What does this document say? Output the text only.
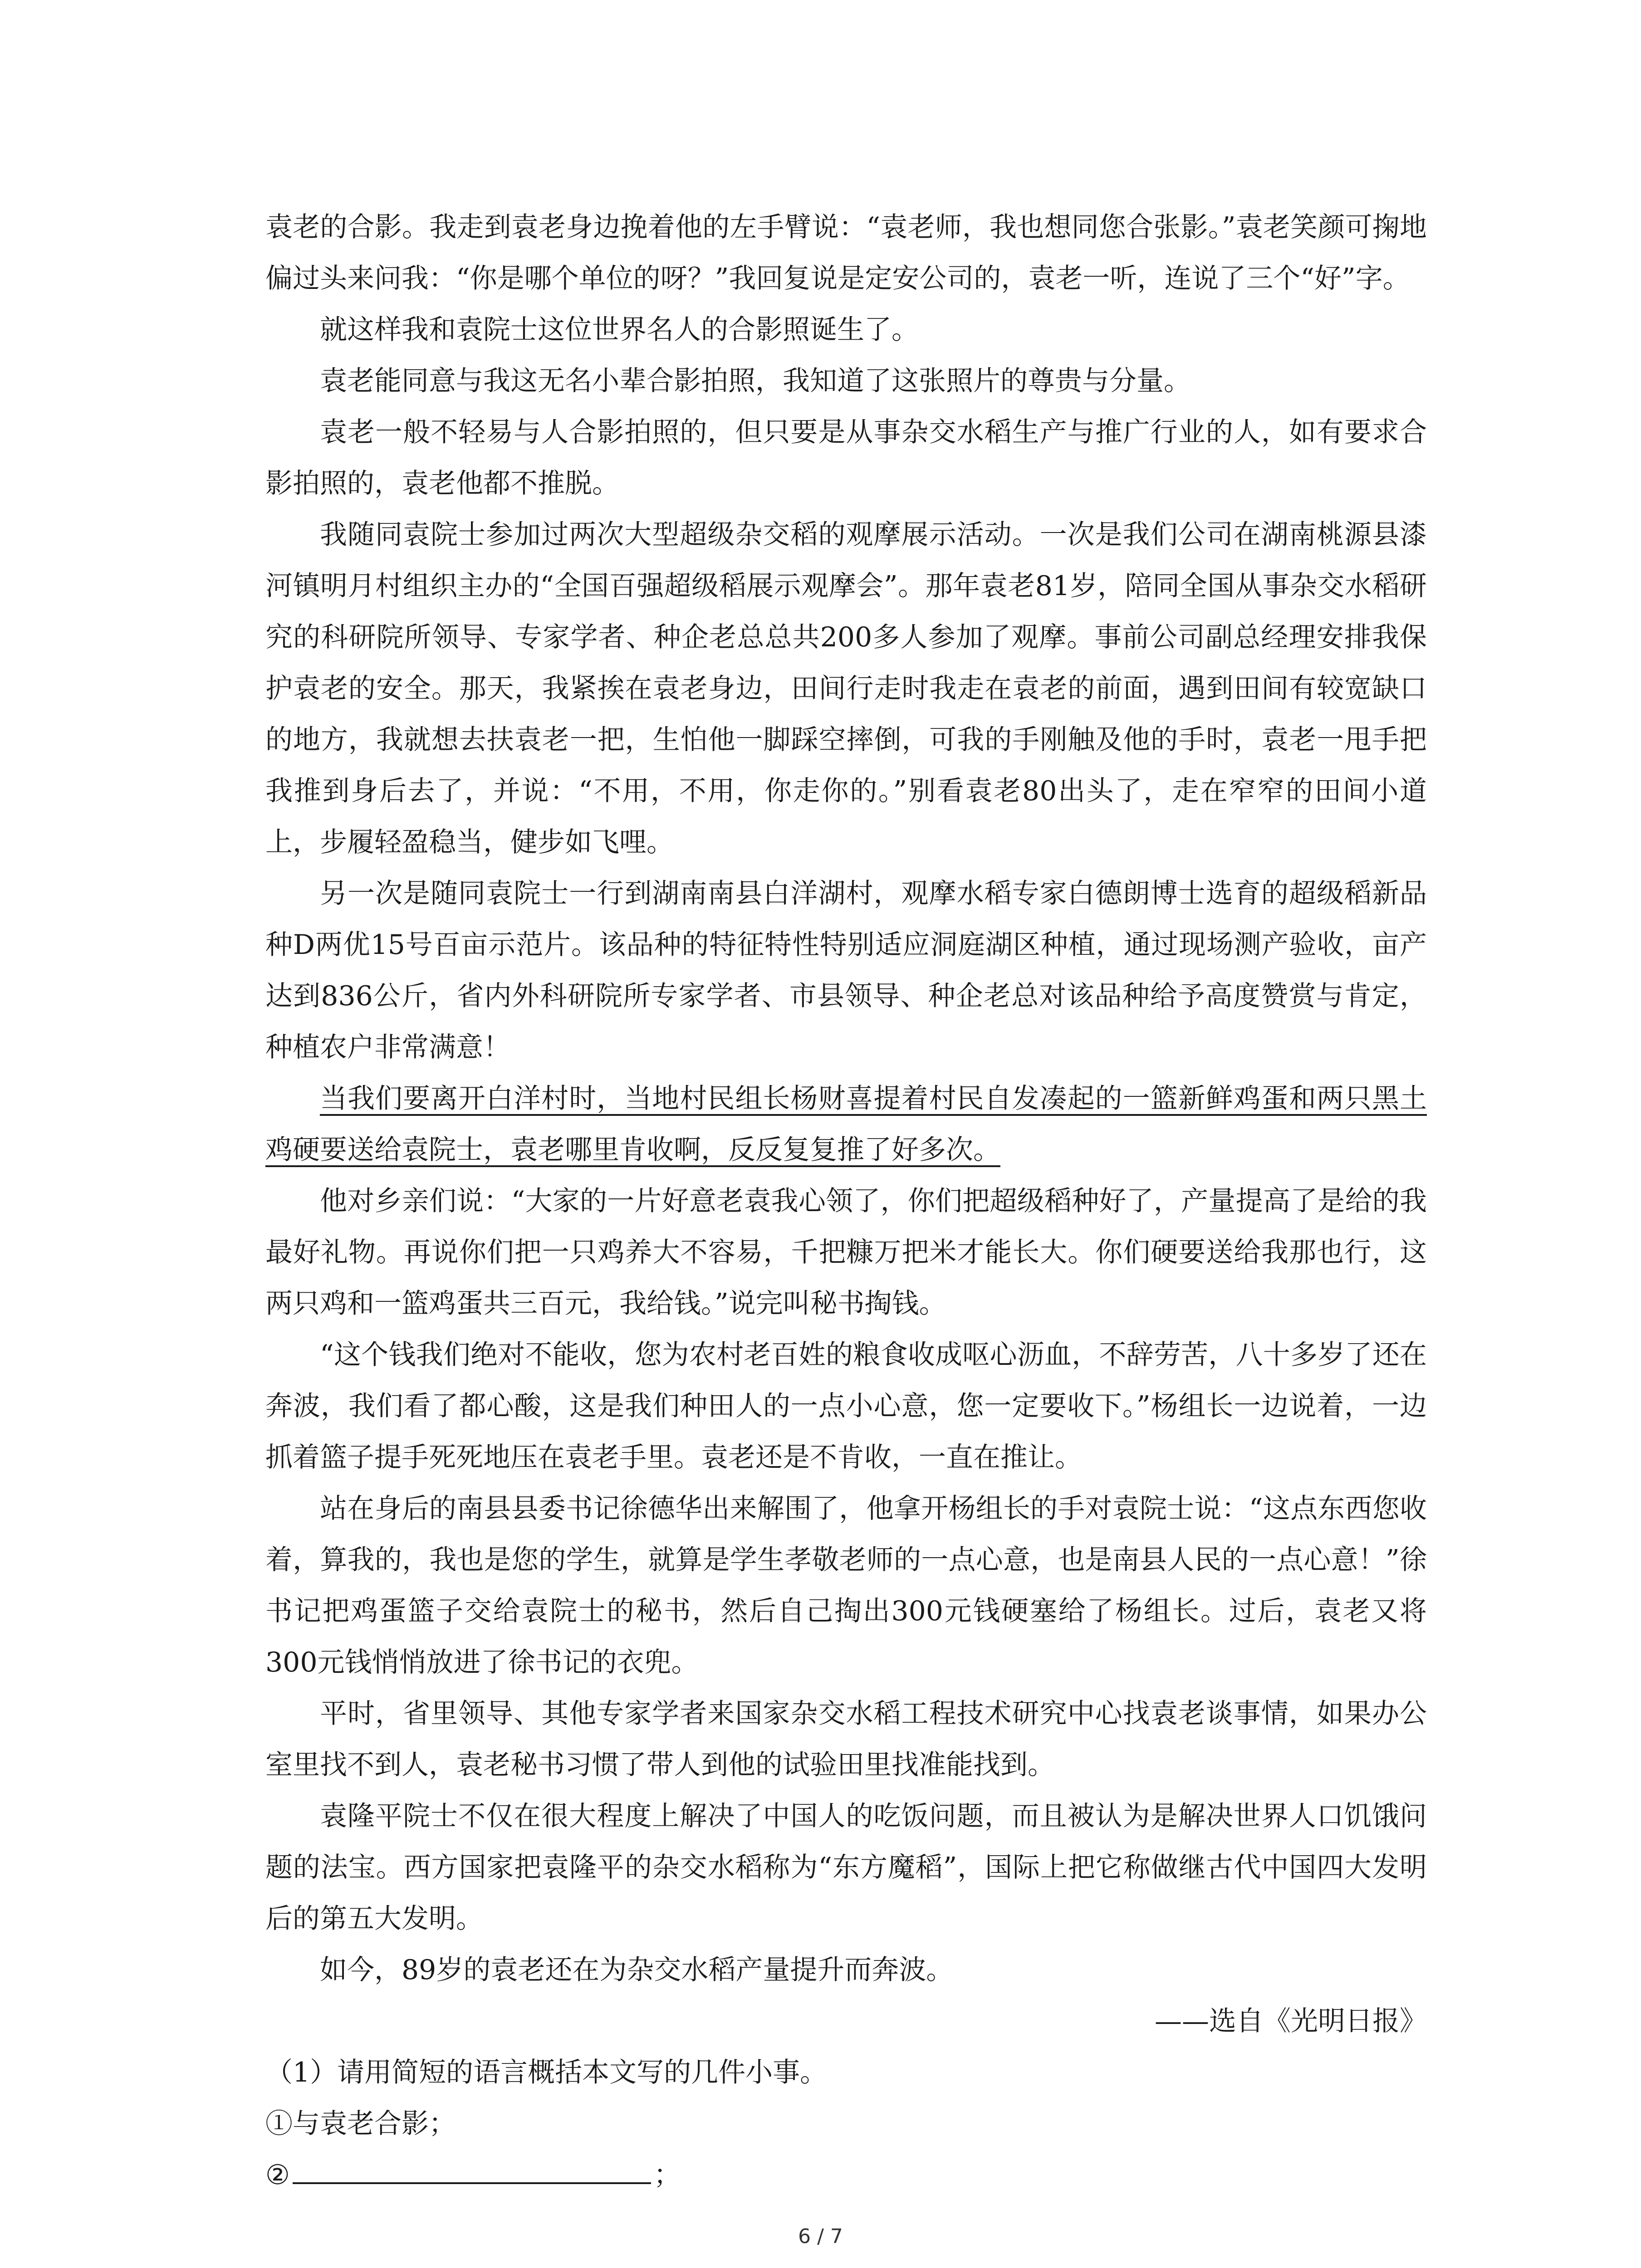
袁老的合影。我走到袁老身边挽着他的左手臂说：“袁老师，我也想同您合张影。”袁老笑颜可掬地偏过头来问我：“你是哪个单位的呀？”我回复说是定安公司的，袁老一听，连说了三个“好”字。

就这样我和袁院士这位世界名人的合影照诞生了。

袁老能同意与我这无名小辈合影拍照，我知道了这张照片的尊贵与分量。

袁老一般不轻易与人合影拍照的，但只要是从事杂交水稻生产与推广行业的人，如有要求合影拍照的，袁老他都不推脱。

我随同袁院士参加过两次大型超级杂交稻的观摩展示活动。一次是我们公司在湖南桃源县漆河镇明月村组织主办的“全国百强超级稻展示观摩会”。那年袁老81岁，陪同全国从事杂交水稻研究的科研院所领导、专家学者、种企老总总共200多人参加了观摩。事前公司副总经理安排我保护袁老的安全。那天，我紧挨在袁老身边，田间行走时我走在袁老的前面，遇到田间有较宽缺口的地方，我就想去扶袁老一把，生怕他一脚踩空摔倒，可我的手刚触及他的手时，袁老一甩手把我推到身后去了，并说：“不用，不用，你走你的。”别看袁老80出头了，走在窄窄的田间小道上，步履轻盈稳当，健步如飞哩。

另一次是随同袁院士一行到湖南南县白洋湖村，观摩水稻专家白德朗博士选育的超级稻新品种D两优15号百亩示范片。该品种的特征特性特别适应洞庭湖区种植，通过现场测产验收，亩产达到836公斤，省内外科研院所专家学者、市县领导、种企老总对该品种给予高度赞赏与肯定，种植农户非常满意！

当我们要离开白洋村时，当地村民组长杨财喜提着村民自发凑起的一篮新鲜鸡蛋和两只黑土鸡硬要送给袁院士，袁老哪里肯收啊，反反复复推了好多次。

他对乡亲们说：“大家的一片好意老袁我心领了，你们把超级稻种好了，产量提高了是给的我最好礼物。再说你们把一只鸡养大不容易，千把糠万把米才能长大。你们硬要送给我那也行，这两只鸡和一篮鸡蛋共三百元，我给钱。”说完叫秘书掏钱。

“这个钱我们绝对不能收，您为农村老百姓的粮食收成呕心沥血，不辞劳苦，八十多岁了还在奔波，我们看了都心酸，这是我们种田人的一点小心意，您一定要收下。”杨组长一边说着，一边抓着篮子提手死死地压在袁老手里。袁老还是不肯收，一直在推让。

站在身后的南县县委书记徐德华出来解围了，他拿开杨组长的手对袁院士说：“这点东西您收着，算我的，我也是您的学生，就算是学生孝敬老师的一点心意，也是南县人民的一点心意！”徐书记把鸡蛋篮子交给袁院士的秘书，然后自己掏出300元钱硬塞给了杨组长。过后，袁老又将300元钱悄悄放进了徐书记的衣兜。

平时，省里领导、其他专家学者来国家杂交水稻工程技术研究中心找袁老谈事情，如果办公室里找不到人，袁老秘书习惯了带人到他的试验田里找准能找到。

袁隆平院士不仅在很大程度上解决了中国人的吃饭问题，而且被认为是解决世界人口饥饿问题的法宝。西方国家把袁隆平的杂交水稻称为“东方魔稻”，国际上把它称做继古代中国四大发明后的第五大发明。

如今，89岁的袁老还在为杂交水稻产量提升而奔波。

——选自《光明日报》

（1）请用简短的语言概括本文写的几件小事。

①与袁老合影；

②	；

6 / 7
